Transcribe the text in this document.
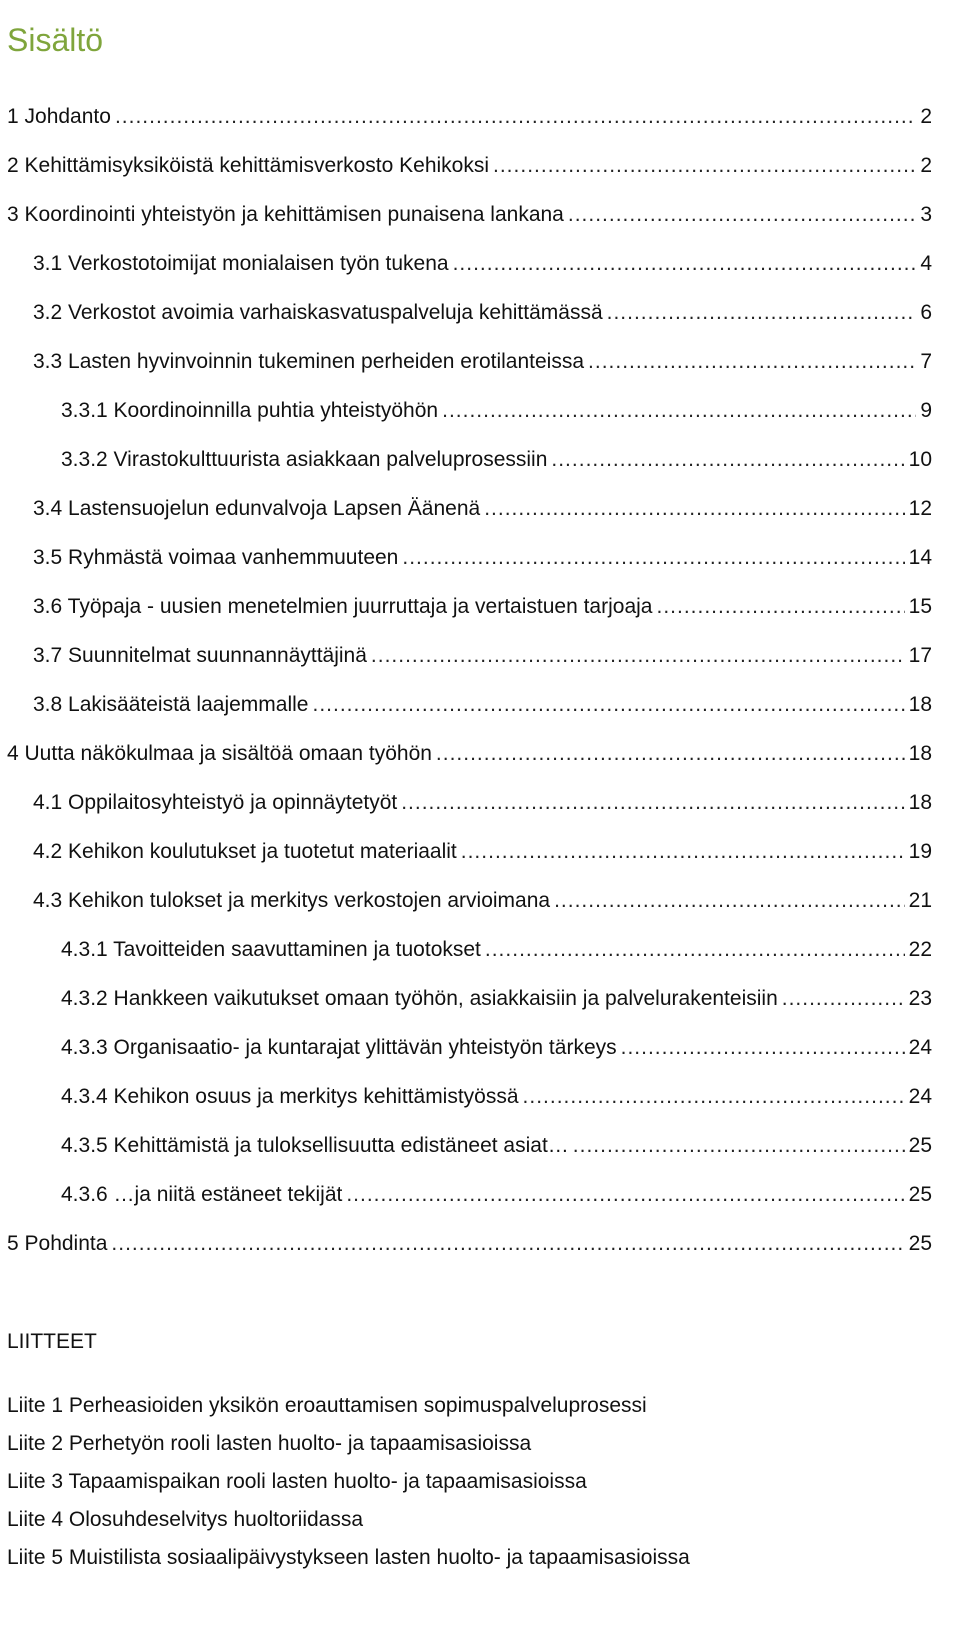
Sisältö
1 Johdanto .....	2
2 Kehittämisyksiköistä kehittämisverkosto Kehikoksi .....	2
3 Koordinointi yhteistyön ja kehittämisen punaisena lankana .....	3
3.1 Verkostotoimijat monialaisen työn tukena .....	4
3.2 Verkostot avoimia varhaiskasvatuspalveluja kehittämässä .....	6
3.3 Lasten hyvinvoinnin tukeminen perheiden erotilanteissa .....	7
3.3.1 Koordinoinnilla puhtia yhteistyöhön .....	9
3.3.2 Virastokulttuurista asiakkaan palveluprosessiin .....	10
3.4 Lastensuojelun edunvalvoja Lapsen Äänenä .....	12
3.5 Ryhmästä voimaa vanhemmuuteen .....	14
3.6 Työpaja - uusien menetelmien juurruttaja ja vertaistuen tarjoaja .....	15
3.7 Suunnitelmat suunnannäyttäjinä .....	17
3.8 Lakisääteistä laajemmalle .....	18
4 Uutta näkökulmaa ja sisältöä omaan työhön .....	18
4.1 Oppilaitosyhteistyö ja opinnäytetyöt .....	18
4.2 Kehikon koulutukset ja tuotetut materiaalit .....	19
4.3 Kehikon tulokset ja merkitys verkostojen arvioimana .....	21
4.3.1 Tavoitteiden saavuttaminen ja tuotokset .....	22
4.3.2 Hankkeen vaikutukset omaan työhön, asiakkaisiin ja palvelurakenteisiin .....	23
4.3.3 Organisaatio- ja kuntarajat ylittävän yhteistyön tärkeys .....	24
4.3.4 Kehikon osuus ja merkitys kehittämistyössä .....	24
4.3.5 Kehittämistä ja tuloksellisuutta edistäneet asiat… .....	25
4.3.6 …ja niitä estäneet tekijät .....	25
5 Pohdinta .....	25
LIITTEET
Liite 1 Perheasioiden yksikön eroauttamisen sopimuspalveluprosessi
Liite 2 Perhetyön rooli lasten huolto- ja tapaamisasioissa
Liite 3 Tapaamispaikan rooli lasten huolto- ja tapaamisasioissa
Liite 4 Olosuhdeselvitys huoltoriidassa
Liite 5 Muistilista sosiaalipäivystykseen lasten huolto- ja tapaamisasioissa
